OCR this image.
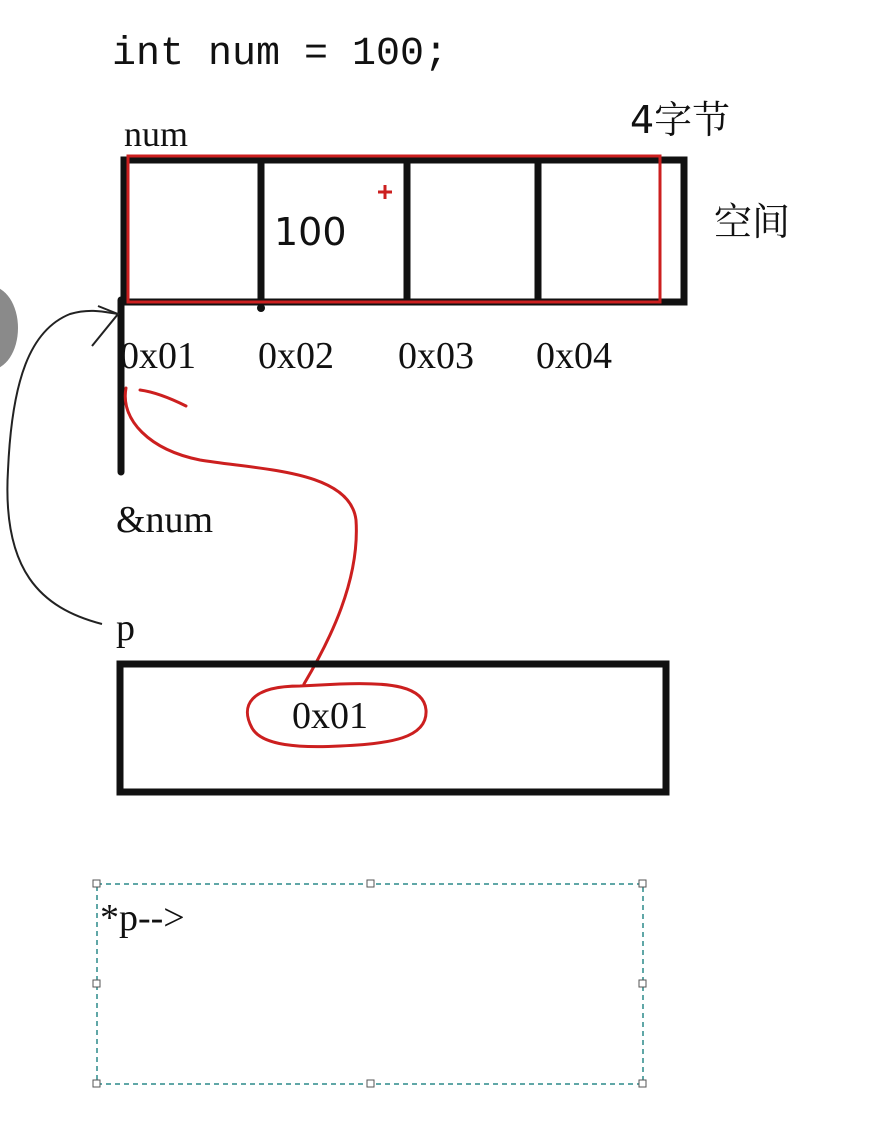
int num = 100;
num	4字节
空间
100
0x01 0x02 0x03 0x04
&num
p
0x01
*p-->
